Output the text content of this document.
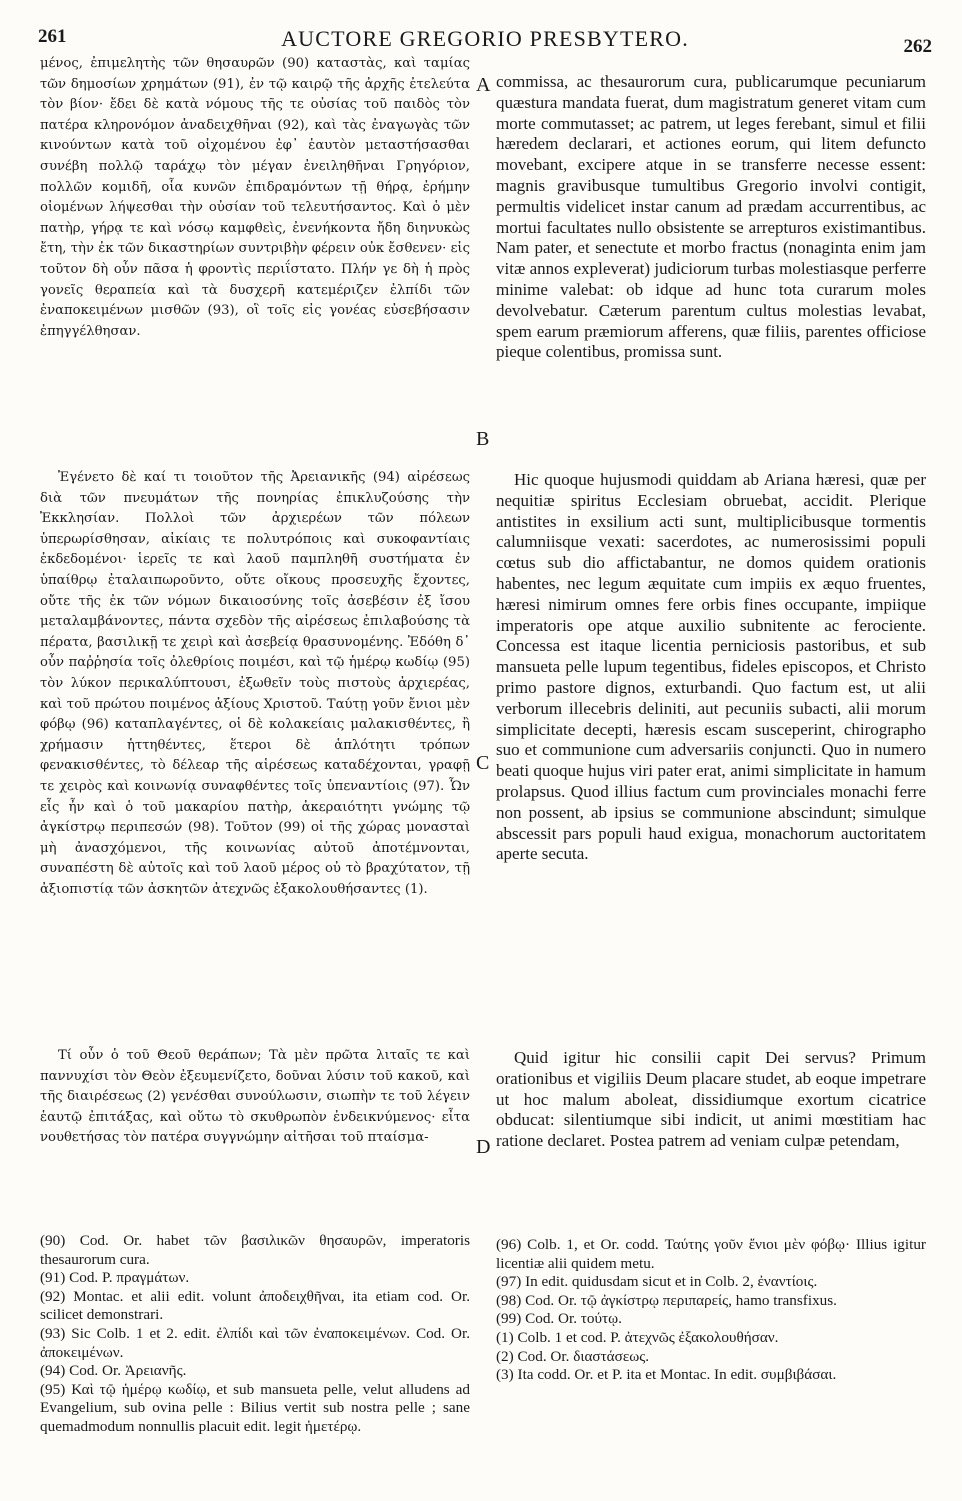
261	AUCTORE GREGORIO PRESBYTERO.	262

μένος, ἐπιμελητὴς τῶν θησαυρῶν (90) καταστὰς, καὶ ταμίας τῶν δημοσίων χρημάτων (91), ἐν τῷ καιρῷ τῆς ἀρχῆς ἐτελεύτα τὸν βίον· ἔδει δὲ κατὰ νόμους τῆς τε οὐσίας τοῦ παιδὸς τὸν πατέρα κληρονόμον ἀναδειχθῆναι (92), καὶ τὰς ἐναγωγὰς τῶν κινούντων κατὰ τοῦ οἰχομένου ἐφ᾽ ἑαυτὸν μεταστήσασθαι συνέβη πολλῷ ταράχῳ τὸν μέγαν ἐνειληθῆναι Γρηγόριον, πολλῶν κομιδῆ, οἷα κυνῶν ἐπιδραμόντων τῇ θήρᾳ, ἐρήμην οἰομένων λήψεσθαι τὴν οὐσίαν τοῦ τελευτήσαντος. Καὶ ὁ μὲν πατὴρ, γήρᾳ τε καὶ νόσῳ καμφθεὶς, ἐνενήκοντα ἤδη διηνυκὼς ἔτη, τὴν ἐκ τῶν δικαστηρίων συντριβὴν φέρειν οὐκ ἔσθενεν· εἰς τοῦτον δὴ οὖν πᾶσα ἡ φροντὶς περιΐστατο. Πλήν γε δὴ ἡ πρὸς γονεῖς θεραπεία καὶ τὰ δυσχερῆ κατεμέριζεν ἐλπίδι τῶν ἐναποκειμένων μισθῶν (93), οἳ τοῖς εἰς γονέας εὐσεβήσασιν ἐπηγγέλθησαν.

Ἐγένετο δὲ καί τι τοιοῦτον τῆς Ἀρειανικῆς (94) αἱρέσεως διὰ τῶν πνευμάτων τῆς πονηρίας ἐπικλυζούσης τὴν Ἐκκλησίαν. Πολλοὶ τῶν ἀρχιερέων τῶν πόλεων ὑπερωρίσθησαν, αἰκίαις τε πολυτρόποις καὶ συκοφαντίαις ἐκδεδομένοι· ἱερεῖς τε καὶ λαοῦ παμπληθῆ συστήματα ἐν ὑπαίθρῳ ἐταλαιπωροῦντο, οὔτε οἴκους προσευχῆς ἔχοντες, οὔτε τῆς ἐκ τῶν νόμων δικαιοσύνης τοῖς ἀσεβέσιν ἐξ ἴσου μεταλαμβάνοντες, πάντα σχεδὸν τῆς αἱρέσεως ἐπιλαβούσης τὰ πέρατα, βασιλικῇ τε χειρὶ καὶ ἀσεβείᾳ θρασυνομένης. Ἐδόθη δ᾽ οὖν παῤῥησία τοῖς ὀλεθρίοις ποιμέσι, καὶ τῷ ἡμέρῳ κωδίῳ (95) τὸν λύκον περικαλύπτουσι, ἐξωθεῖν τοὺς πιστοὺς ἀρχιερέας, καὶ τοῦ πρώτου ποιμένος ἀξίους Χριστοῦ. Ταύτῃ γοῦν ἔνιοι μὲν φόβῳ (96) καταπλαγέντες, οἱ δὲ κολακείαις μαλακισθέντες, ἢ χρήμασιν ἡττηθέντες, ἕτεροι δὲ ἁπλότητι τρόπων φενακισθέντες, τὸ δέλεαρ τῆς αἱρέσεως καταδέχονται, γραφῇ τε χειρὸς καὶ κοινωνίᾳ συναφθέντες τοῖς ὑπεναντίοις (97). Ὧν εἷς ἦν καὶ ὁ τοῦ μακαρίου πατὴρ, ἀκεραιότητι γνώμης τῷ ἀγκίστρῳ περιπεσών (98). Τοῦτον (99) οἱ τῆς χώρας μονασταὶ μὴ ἀνασχόμενοι, τῆς κοινωνίας αὐτοῦ ἀποτέμνονται, συναπέστη δὲ αὐτοῖς καὶ τοῦ λαοῦ μέρος οὐ τὸ βραχύτατον, τῇ ἀξιοπιστίᾳ τῶν ἀσκητῶν ἀτεχνῶς ἐξακολουθήσαντες (1).

Τί οὖν ὁ τοῦ Θεοῦ θεράπων; Τὰ μὲν πρῶτα λιταῖς τε καὶ παννυχίσι τὸν Θεὸν ἐξευμενίζετο, δοῦναι λύσιν τοῦ κακοῦ, καὶ τῆς διαιρέσεως (2) γενέσθαι συνούλωσιν, σιωπὴν τε τοῦ λέγειν ἑαυτῷ ἐπιτάξας, καὶ οὕτω τὸ σκυθρωπὸν ἐνδεικνύμενος· εἶτα νουθετήσας τὸν πατέρα συγγνώμην αἰτῆσαι τοῦ πταίσμα-

commissa, ac thesaurorum cura, publicarumque pecuniarum quæstura mandata fuerat, dum magistratum generet vitam cum morte commutasset; ac patrem, ut leges ferebant, simul et filii hæredem declarari, et actiones eorum, qui litem defuncto movebant, excipere atque in se transferre necesse essent: magnis gravibusque tumultibus Gregorio involvi contigit, permultis videlicet instar canum ad prædam accurrentibus, ac mortui facultates nullo obsistente se arrepturos existimantibus. Nam pater, et senectute et morbo fractus (nonaginta enim jam vitæ annos expleverat) judiciorum turbas molestiasque perferre minime valebat: ob idque ad hunc tota curarum moles devolvebatur. Cæterum parentum cultus molestias levabat, spem earum præmiorum afferens, quæ filiis, parentes officiose pieque colentibus, promissa sunt.

Hic quoque hujusmodi quiddam ab Ariana hæresi, quæ per nequitiæ spiritus Ecclesiam obruebat, accidit. Plerique antistites in exsilium acti sunt, multiplicibusque tormentis calumniisque vexati: sacerdotes, ac numerosissimi populi cœtus sub dio affictabantur, ne domos quidem orationis habentes, nec legum æquitate cum impiis ex æquo fruentes, hæresi nimirum omnes fere orbis fines occupante, impiique imperatoris ope atque auxilio subnitente ac ferociente. Concessa est itaque licentia perniciosis pastoribus, et sub mansueta pelle lupum tegentibus, fideles episcopos, et Christo primo pastore dignos, exturbandi. Quo factum est, ut alii verborum illecebris deliniti, aut pecuniis subacti, alii morum simplicitate decepti, hæresis escam susceperint, chirographo suo et communione cum adversariis conjuncti. Quo in numero beati quoque hujus viri pater erat, animi simplicitate in hamum prolapsus. Quod illius factum cum provinciales monachi ferre non possent, ab ipsius se communione abscindunt; simulque abscessit pars populi haud exigua, monachorum auctoritatem aperte secuta.

Quid igitur hic consilii capit Dei servus? Primum orationibus et vigiliis Deum placare studet, ab eoque impetrare ut hoc malum aboleat, dissidiumque exortum cicatrice obducat: silentiumque sibi indicit, ut animi mœstitiam hac ratione declaret. Postea patrem ad veniam culpæ petendam,

A
B
C
D

(90) Cod. Or. habet τῶν βασιλικῶν θησαυρῶν, imperatoris thesaurorum cura.

(91) Cod. P. πραγμάτων.

(92) Montac. et alii edit. volunt ἀποδειχθῆναι, ita etiam cod. Or. scilicet demonstrari.

(93) Sic Colb. 1 et 2. edit. ἐλπίδι καὶ τῶν ἐναποκειμένων. Cod. Or. ἀποκειμένων.

(94) Cod. Or. Ἀρειανῆς.

(95) Καὶ τῷ ἡμέρῳ κωδίῳ, et sub mansueta pelle, velut alludens ad Evangelium, sub ovina pelle : Bilius vertit sub nostra pelle ; sane quemadmodum nonnullis placuit edit. legit ἡμετέρῳ.

(96) Colb. 1, et Or. codd. Ταύτης γοῦν ἔνιοι μὲν φόβῳ· Illius igitur licentiæ alii quidem metu.

(97) In edit. quidusdam sicut et in Colb. 2, ἐναντίοις.

(98) Cod. Or. τῷ ἀγκίστρῳ περιπαρείς, hamo transfixus.

(99) Cod. Or. τούτῳ.

(1) Colb. 1 et cod. P. ἀτεχνῶς ἐξακολουθήσαν.

(2) Cod. Or. διαστάσεως.

(3) Ita codd. Or. et P. ita et Montac. In edit. συμβιβάσαι.
